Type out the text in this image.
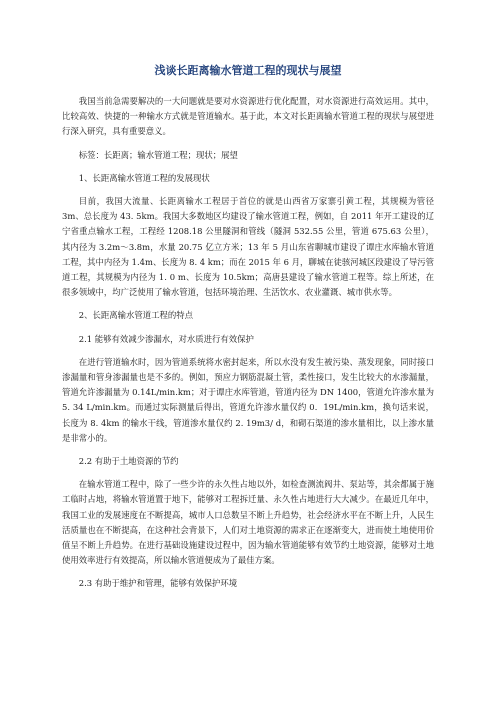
浅谈长距离输水管道工程的现状与展望

我国当前急需要解决的一大问题就是要对水资源进行优化配置，对水资源进行高效运用。其中，比较高效、快捷的一种输水方式就是管道输水。基于此，本文对长距离输水管道工程的现状与展望进行深入研究，具有重要意义。

标签：长距离；输水管道工程；现状；展望

1、长距离输水管道工程的发展现状

目前，我国大流量、长距离输水工程居于首位的就是山西省万家寨引黄工程，其规模为管径 3m、总长度为 43. 5km。我国大多数地区均建设了输水管道工程，例如，自 2011 年开工建设的辽宁省重点输水工程，工程经 1208.18 公里隧洞和管线（隧洞 532.55 公里，管道 675.63 公里），其内径为 3.2m～3.8m，水量 20.75 亿立方米；13 年 5 月山东省聊城市建设了谭庄水库输水管道工程，其中内径为 1.4m、长度为 8. 4 km；而在 2015 年 6 月，聊城在徒骇河城区段建设了导污管道工程，其规模为内径为 1. 0 m、长度为 10.5km；高唐县建设了输水管道工程等。综上所述，在很多领域中，均广泛使用了输水管道，包括环境治理、生活饮水、农业灌溉、城市供水等。

2、长距离输水管道工程的特点

2.1 能够有效减少渗漏水，对水质进行有效保护

在进行管道输水时，因为管道系统将水密封起来，所以水没有发生被污染、蒸发现象，同时接口渗漏量和管身渗漏量也是不多的。例如，预应力钢筋混凝土管，柔性接口，发生比较大的水渗漏量，管道允许渗漏量为 0.14L/min.km；对于谭庄水库管道，管道内径为 DN 1400，管道允许渗水量为 5. 34 L/min.km。而通过实际测量后得出，管道允许渗水量仅约 0．19L/min.km，换句话来说，长度为 8. 4km 的输水干线，管道渗水量仅约 2. 19m3/ d，和砌石渠道的渗水量相比，以上渗水量是非常小的。

2.2 有助于土地资源的节约

在输水管道工程中，除了一些少许的永久性占地以外，如检查测流阀井、泵站等，其余都属于施工临时占地，将输水管道置于地下，能够对工程拆迁量、永久性占地进行大大减少。在最近几年中，我国工业的发展速度在不断提高，城市人口总数呈不断上升趋势，社会经济水平在不断上升，人民生活质量也在不断提高，在这种社会背景下，人们对土地资源的需求正在逐渐变大，进而使土地使用价值呈不断上升趋势。在进行基础设施建设过程中，因为输水管道能够有效节约土地资源，能够对土地使用效率进行有效提高，所以输水管道便成为了最佳方案。

2.3 有助于维护和管理，能够有效保护环境
